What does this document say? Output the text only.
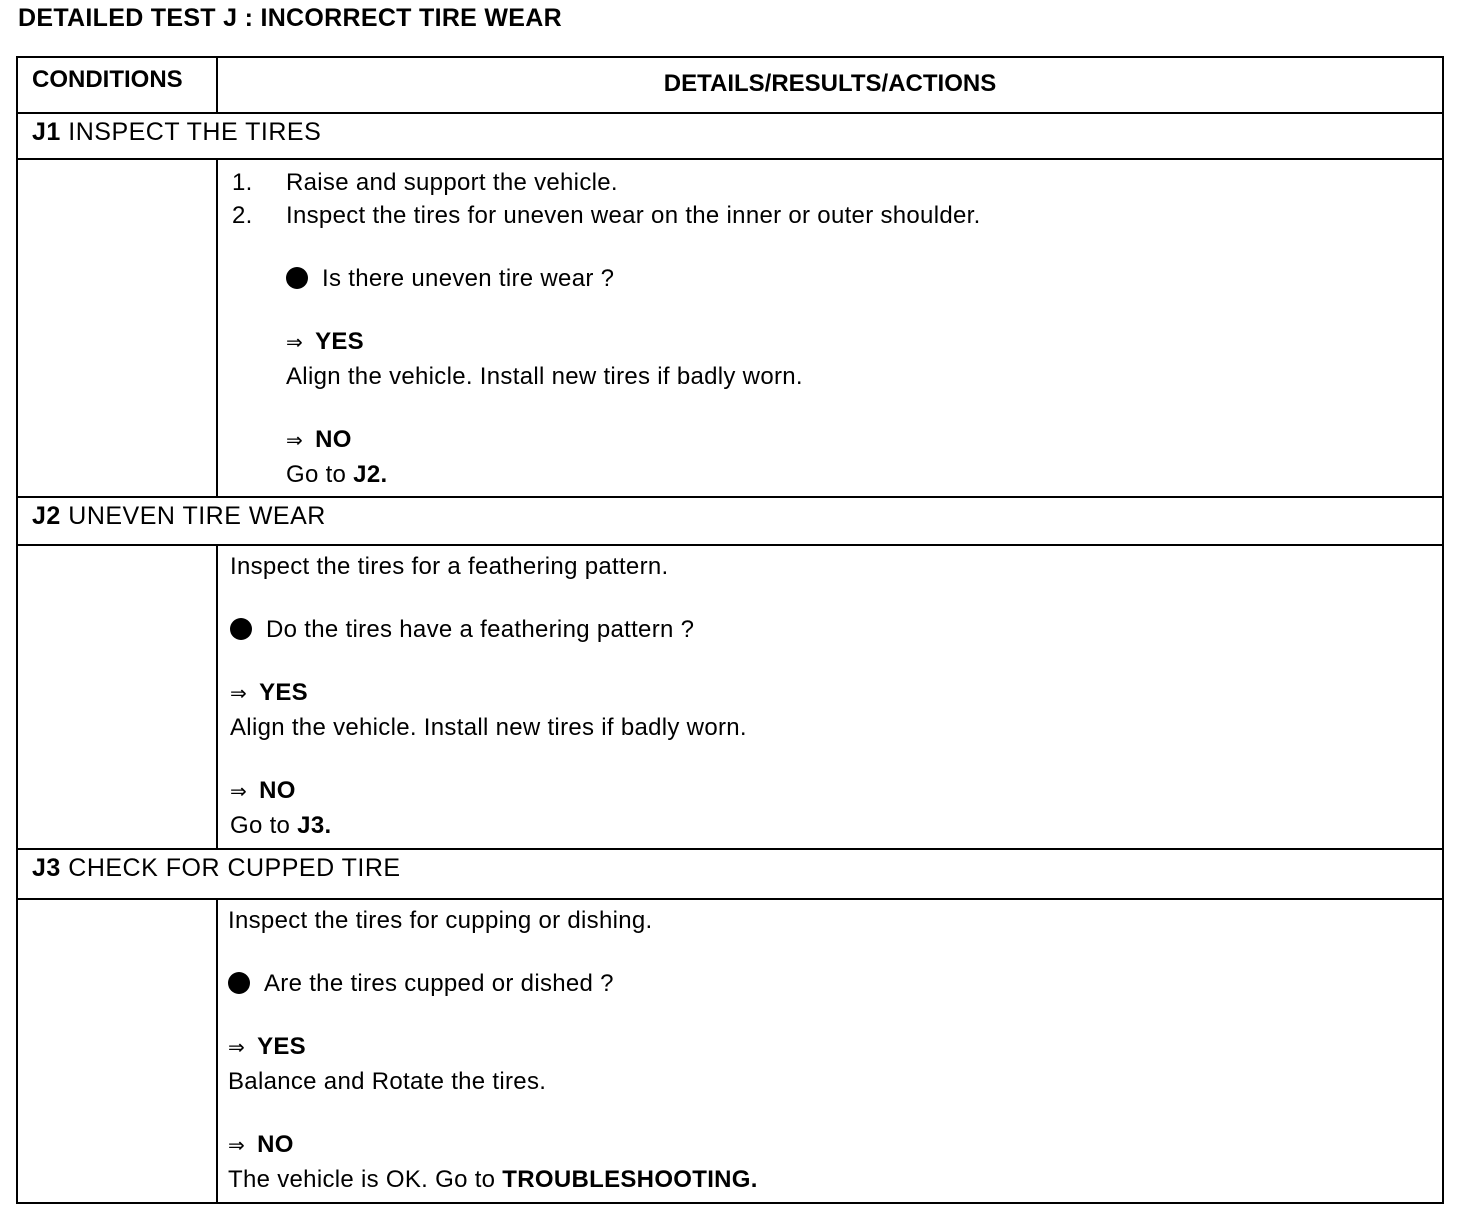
DETAILED TEST J : INCORRECT TIRE WEAR
CONDITIONS	DETAILS/RESULTS/ACTIONS
J1 INSPECT THE TIRES
1. Raise and support the vehicle.
2. Inspect the tires for uneven wear on the inner or outer shoulder.
Is there uneven tire wear ?
⇒ YES
Align the vehicle. Install new tires if badly worn.
⇒ NO
Go to J2.
J2 UNEVEN TIRE WEAR
Inspect the tires for a feathering pattern.
Do the tires have a feathering pattern ?
⇒ YES
Align the vehicle. Install new tires if badly worn.
⇒ NO
Go to J3.
J3 CHECK FOR CUPPED TIRE
Inspect the tires for cupping or dishing.
Are the tires cupped or dished ?
⇒ YES
Balance and Rotate the tires.
⇒ NO
The vehicle is OK. Go to TROUBLESHOOTING.
